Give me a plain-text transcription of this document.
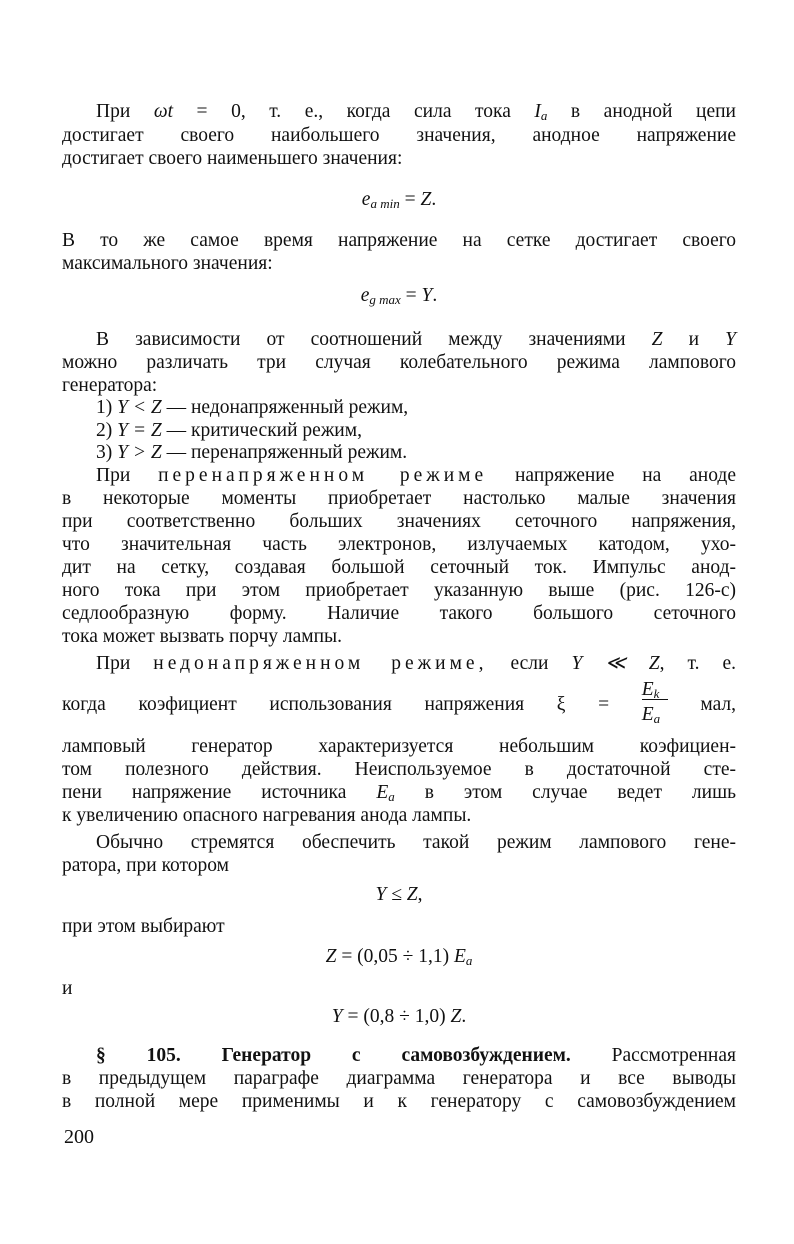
При ωt = 0, т. е., когда сила тока $I_a$ в анодной цепи
достигает своего наибольшего значения, анодное напряжение
достигает своего наименьшего значения:
$e_{a min} = Z$.
В то же самое время напряжение на сетке достигает своего
максимального значения:
$e_{g max} = Y$.
В зависимости от соотношений между значениями Z и Y
можно различать три случая колебательного режима лампового
генератора:
1) Y < Z — недонапряженный режим,
2) Y = Z — критический режим,
3) Y > Z — перенапряженный режим.
При перенапряженном режиме напряжение на аноде
в некоторые моменты приобретает настолько малые значения
при соответственно больших значениях сеточного напряжения,
что значительная часть электронов, излучаемых катодом, ухо-
дит на сетку, создавая большой сеточный ток. Импульс анод-
ного тока при этом приобретает указанную выше (рис. 126-с)
седлообразную форму. Наличие такого большого сеточного
тока может вызвать порчу лампы.
При недонапряженном режиме, если Y ≪ Z, т. е.
когда коэфициент использования напряжения $\xi = \frac{E_k}{E_a}$ мал,
ламповый генератор характеризуется небольшим коэфициен-
том полезного действия. Неиспользуемое в достаточной сте-
пени напряжение источника $E_a$ в этом случае ведет лишь
к увеличению опасного нагревания анода лампы.
Обычно стремятся обеспечить такой режим лампового гене-
ратора, при котором
Y ≤ Z,
при этом выбирают
Z = (0,05 ÷ 1,1) $E_a$
и
Y = (0,8 ÷ 1,0) Z.
§ 105. Генератор с самовозбуждением. Рассмотренная
в предыдущем параграфе диаграмма генератора и все выводы
в полной мере применимы и к генератору с самовозбуждением
200
